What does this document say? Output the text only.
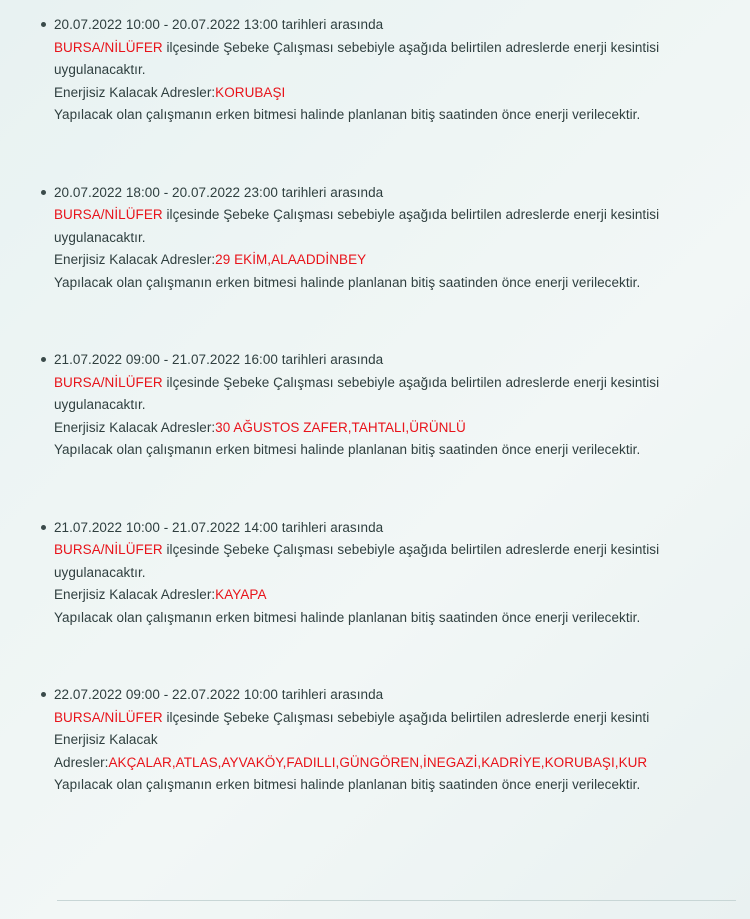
20.07.2022 10:00 - 20.07.2022 13:00 tarihleri arasında
BURSA/NİLÜFER ilçesinde Şebeke Çalışması sebebiyle aşağıda belirtilen adreslerde enerji kesintisi uygulanacaktır.
Enerjisiz Kalacak Adresler:KORUBAŞI
Yapılacak olan çalışmanın erken bitmesi halinde planlanan bitiş saatinden önce enerji verilecektir.
20.07.2022 18:00 - 20.07.2022 23:00 tarihleri arasında
BURSA/NİLÜFER ilçesinde Şebeke Çalışması sebebiyle aşağıda belirtilen adreslerde enerji kesintisi uygulanacaktır.
Enerjisiz Kalacak Adresler:29 EKİM,ALAADDİNBEY
Yapılacak olan çalışmanın erken bitmesi halinde planlanan bitiş saatinden önce enerji verilecektir.
21.07.2022 09:00 - 21.07.2022 16:00 tarihleri arasında
BURSA/NİLÜFER ilçesinde Şebeke Çalışması sebebiyle aşağıda belirtilen adreslerde enerji kesintisi uygulanacaktır.
Enerjisiz Kalacak Adresler:30 AĞUSTOS ZAFER,TAHTALI,ÜRÜNLÜ
Yapılacak olan çalışmanın erken bitmesi halinde planlanan bitiş saatinden önce enerji verilecektir.
21.07.2022 10:00 - 21.07.2022 14:00 tarihleri arasında
BURSA/NİLÜFER ilçesinde Şebeke Çalışması sebebiyle aşağıda belirtilen adreslerde enerji kesintisi uygulanacaktır.
Enerjisiz Kalacak Adresler:KAYAPA
Yapılacak olan çalışmanın erken bitmesi halinde planlanan bitiş saatinden önce enerji verilecektir.
22.07.2022 09:00 - 22.07.2022 10:00 tarihleri arasında
BURSA/NİLÜFER ilçesinde Şebeke Çalışması sebebiyle aşağıda belirtilen adreslerde enerji kesinti
Enerjisiz Kalacak
Adresler:AKÇALAR,ATLAS,AYVAKÖY,FADILLI,GÜNGÖREN,İNEGAZİ,KADRİYE,KORUBAŞI,KUR
Yapılacak olan çalışmanın erken bitmesi halinde planlanan bitiş saatinden önce enerji verilecektir.
